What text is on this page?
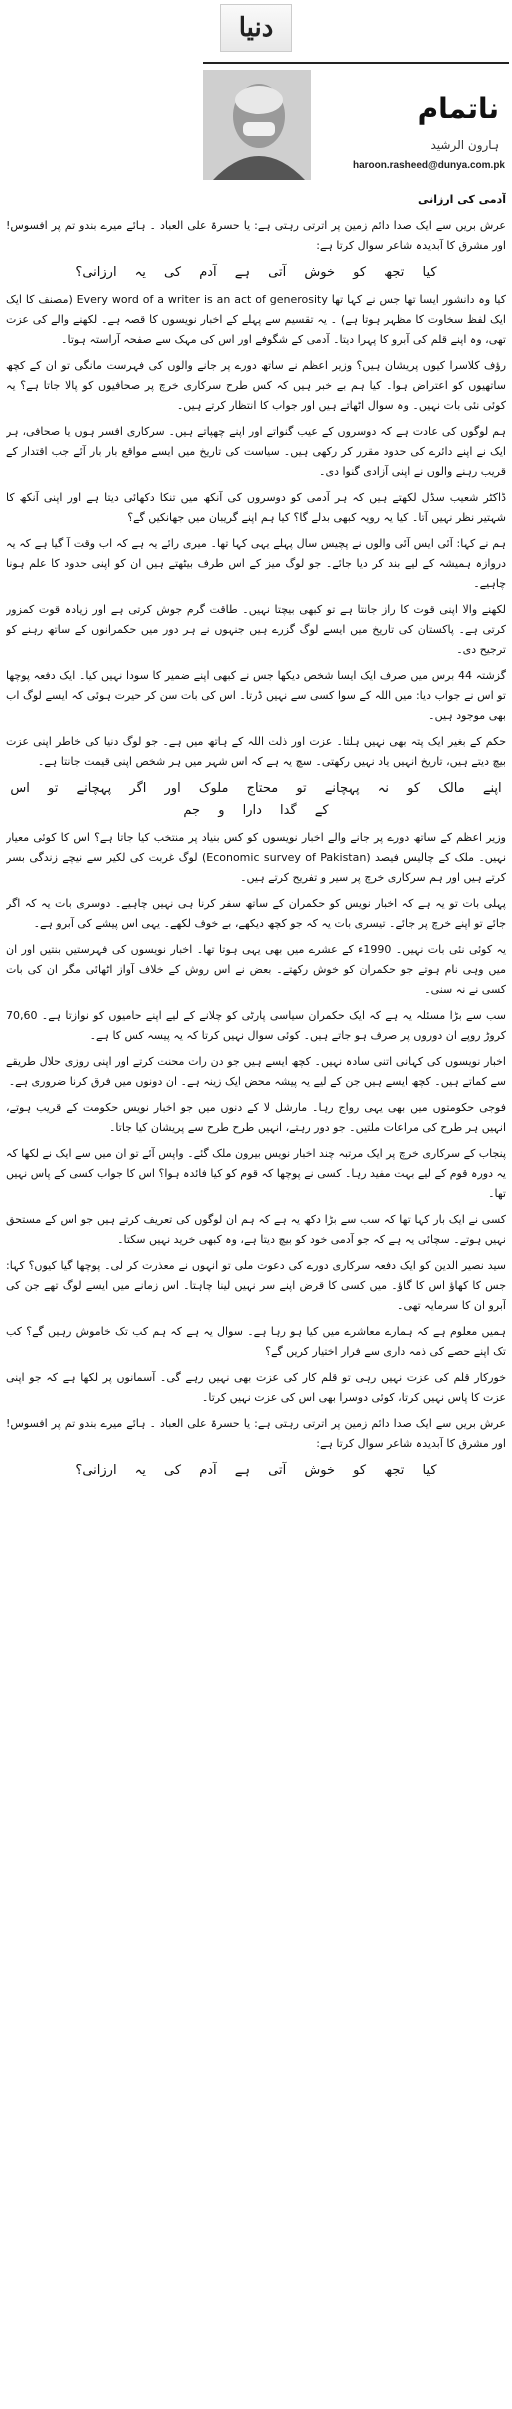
دنیا
ناتمام
ہارون الرشید
haroon.rasheed@dunya.com.pk

آدمی کی ارزانی

عرش بریں سے ایک صدا دائم زمین پر اترتی رہتی ہے: یا حسرۃ علی العباد ۔ ہائے میرے بندو تم پر افسوس! اور مشرق کا آبدیدہ شاعر سوال کرتا ہے:

کیا تجھ کو خوش آتی ہے آدم کی یہ ارزانی؟

کیا وہ دانشور ایسا تھا جس نے کہا تھا Every word of a writer is an act of generosity (مصنف کا ایک ایک لفظ سخاوت کا مظہر ہوتا ہے) ۔ یہ تقسیم سے پہلے کے اخبار نویسوں کا قصہ ہے۔ لکھنے والے کی عزت تھی، وہ اپنے قلم کی آبرو کا پہرا دیتا۔ آدمی کے شگوفے اور اس کی مہک سے صفحہ آراستہ ہوتا۔

رؤف کلاسرا کیوں پریشان ہیں؟ وزیر اعظم نے ساتھ دورے پر جانے والوں کی فہرست مانگی تو ان کے کچھ ساتھیوں کو اعتراض ہوا۔ کیا ہم بے خبر ہیں کہ کس طرح سرکاری خرچ پر صحافیوں کو پالا جاتا ہے؟ یہ کوئی نئی بات نہیں۔ وہ سوال اٹھاتے ہیں اور جواب کا انتظار کرتے ہیں۔

ہم لوگوں کی عادت ہے کہ دوسروں کے عیب گنواتے اور اپنے چھپاتے ہیں۔ سرکاری افسر ہوں یا صحافی، ہر ایک نے اپنے دائرے کی حدود مقرر کر رکھی ہیں۔ سیاست کی تاریخ میں ایسے مواقع بار بار آئے جب اقتدار کے قریب رہنے والوں نے اپنی آزادی گنوا دی۔

ڈاکٹر شعیب سڈل لکھتے ہیں کہ ہر آدمی کو دوسروں کی آنکھ میں تنکا دکھائی دیتا ہے اور اپنی آنکھ کا شہتیر نظر نہیں آتا۔ کیا یہ رویہ کبھی بدلے گا؟ کیا ہم اپنے گریبان میں جھانکیں گے؟

ہم نے کہا: آئی ایس آئی والوں نے پچیس سال پہلے یہی کہا تھا۔ میری رائے یہ ہے کہ اب وقت آ گیا ہے کہ یہ دروازہ ہمیشہ کے لیے بند کر دیا جائے۔ جو لوگ میز کے اس طرف بیٹھتے ہیں ان کو اپنی حدود کا علم ہونا چاہیے۔

لکھنے والا اپنی قوت کا راز جانتا ہے تو کبھی بیچتا نہیں۔ طاقت گرم جوش کرتی ہے اور زیادہ قوت کمزور کرتی ہے۔ پاکستان کی تاریخ میں ایسے لوگ گزرے ہیں جنہوں نے ہر دور میں حکمرانوں کے ساتھ رہنے کو ترجیح دی۔

گزشتہ 44 برس میں صرف ایک ایسا شخص دیکھا جس نے کبھی اپنے ضمیر کا سودا نہیں کیا۔ ایک دفعہ پوچھا تو اس نے جواب دیا: میں اللہ کے سوا کسی سے نہیں ڈرتا۔ اس کی بات سن کر حیرت ہوئی کہ ایسے لوگ اب بھی موجود ہیں۔

حکم کے بغیر ایک پتہ بھی نہیں ہلتا۔ عزت اور ذلت اللہ کے ہاتھ میں ہے۔ جو لوگ دنیا کی خاطر اپنی عزت بیچ دیتے ہیں، تاریخ انہیں یاد نہیں رکھتی۔ سچ یہ ہے کہ اس شہر میں ہر شخص اپنی قیمت جانتا ہے۔

اپنے مالک کو نہ پہچانے تو محتاج ملوک اور اگر پہچانے تو اس کے گدا دارا و جم

وزیر اعظم کے ساتھ دورے پر جانے والے اخبار نویسوں کو کس بنیاد پر منتخب کیا جاتا ہے؟ اس کا کوئی معیار نہیں۔ ملک کے چالیس فیصد (Economic survey of Pakistan) لوگ غربت کی لکیر سے نیچے زندگی بسر کرتے ہیں اور ہم سرکاری خرچ پر سیر و تفریح کرتے ہیں۔

پہلی بات تو یہ ہے کہ اخبار نویس کو حکمران کے ساتھ سفر کرنا ہی نہیں چاہیے۔ دوسری بات یہ کہ اگر جائے تو اپنے خرچ پر جائے۔ تیسری بات یہ کہ جو کچھ دیکھے، بے خوف لکھے۔ یہی اس پیشے کی آبرو ہے۔

یہ کوئی نئی بات نہیں۔ 1990ء کے عشرے میں بھی یہی ہوتا تھا۔ اخبار نویسوں کی فہرستیں بنتیں اور ان میں وہی نام ہوتے جو حکمران کو خوش رکھتے۔ بعض نے اس روش کے خلاف آواز اٹھائی مگر ان کی بات کسی نے نہ سنی۔

سب سے بڑا مسئلہ یہ ہے کہ ایک حکمران سیاسی پارٹی کو چلانے کے لیے اپنے حامیوں کو نوازتا ہے۔ 70,60 کروڑ روپے ان دوروں پر صرف ہو جاتے ہیں۔ کوئی سوال نہیں کرتا کہ یہ پیسہ کس کا ہے۔

اخبار نویسوں کی کہانی اتنی سادہ نہیں۔ کچھ ایسے ہیں جو دن رات محنت کرتے اور اپنی روزی حلال طریقے سے کماتے ہیں۔ کچھ ایسے ہیں جن کے لیے یہ پیشہ محض ایک زینہ ہے۔ ان دونوں میں فرق کرنا ضروری ہے۔

فوجی حکومتوں میں بھی یہی رواج رہا۔ مارشل لا کے دنوں میں جو اخبار نویس حکومت کے قریب ہوتے، انہیں ہر طرح کی مراعات ملتیں۔ جو دور رہتے، انہیں طرح طرح سے پریشان کیا جاتا۔

پنجاب کے سرکاری خرچ پر ایک مرتبہ چند اخبار نویس بیرون ملک گئے۔ واپس آئے تو ان میں سے ایک نے لکھا کہ یہ دورہ قوم کے لیے بہت مفید رہا۔ کسی نے پوچھا کہ قوم کو کیا فائدہ ہوا؟ اس کا جواب کسی کے پاس نہیں تھا۔

کسی نے ایک بار کہا تھا کہ سب سے بڑا دکھ یہ ہے کہ ہم ان لوگوں کی تعریف کرتے ہیں جو اس کے مستحق نہیں ہوتے۔ سچائی یہ ہے کہ جو آدمی خود کو بیچ دیتا ہے، وہ کبھی خرید نہیں سکتا۔

سید نصیر الدین کو ایک دفعہ سرکاری دورے کی دعوت ملی تو انہوں نے معذرت کر لی۔ پوچھا گیا کیوں؟ کہا: جس کا کھاؤ اس کا گاؤ۔ میں کسی کا قرض اپنے سر نہیں لینا چاہتا۔ اس زمانے میں ایسے لوگ تھے جن کی آبرو ان کا سرمایہ تھی۔

ہمیں معلوم ہے کہ ہمارے معاشرے میں کیا ہو رہا ہے۔ سوال یہ ہے کہ ہم کب تک خاموش رہیں گے؟ کب تک اپنے حصے کی ذمہ داری سے فرار اختیار کریں گے؟

خورکار قلم کی عزت نہیں رہی تو قلم کار کی عزت بھی نہیں رہے گی۔ آسمانوں پر لکھا ہے کہ جو اپنی عزت کا پاس نہیں کرتا، کوئی دوسرا بھی اس کی عزت نہیں کرتا۔

عرش بریں سے ایک صدا دائم زمین پر اترتی رہتی ہے: یا حسرۃ علی العباد ۔ ہائے میرے بندو تم پر افسوس! اور مشرق کا آبدیدہ شاعر سوال کرتا ہے:

کیا تجھ کو خوش آتی ہے آدم کی یہ ارزانی؟
